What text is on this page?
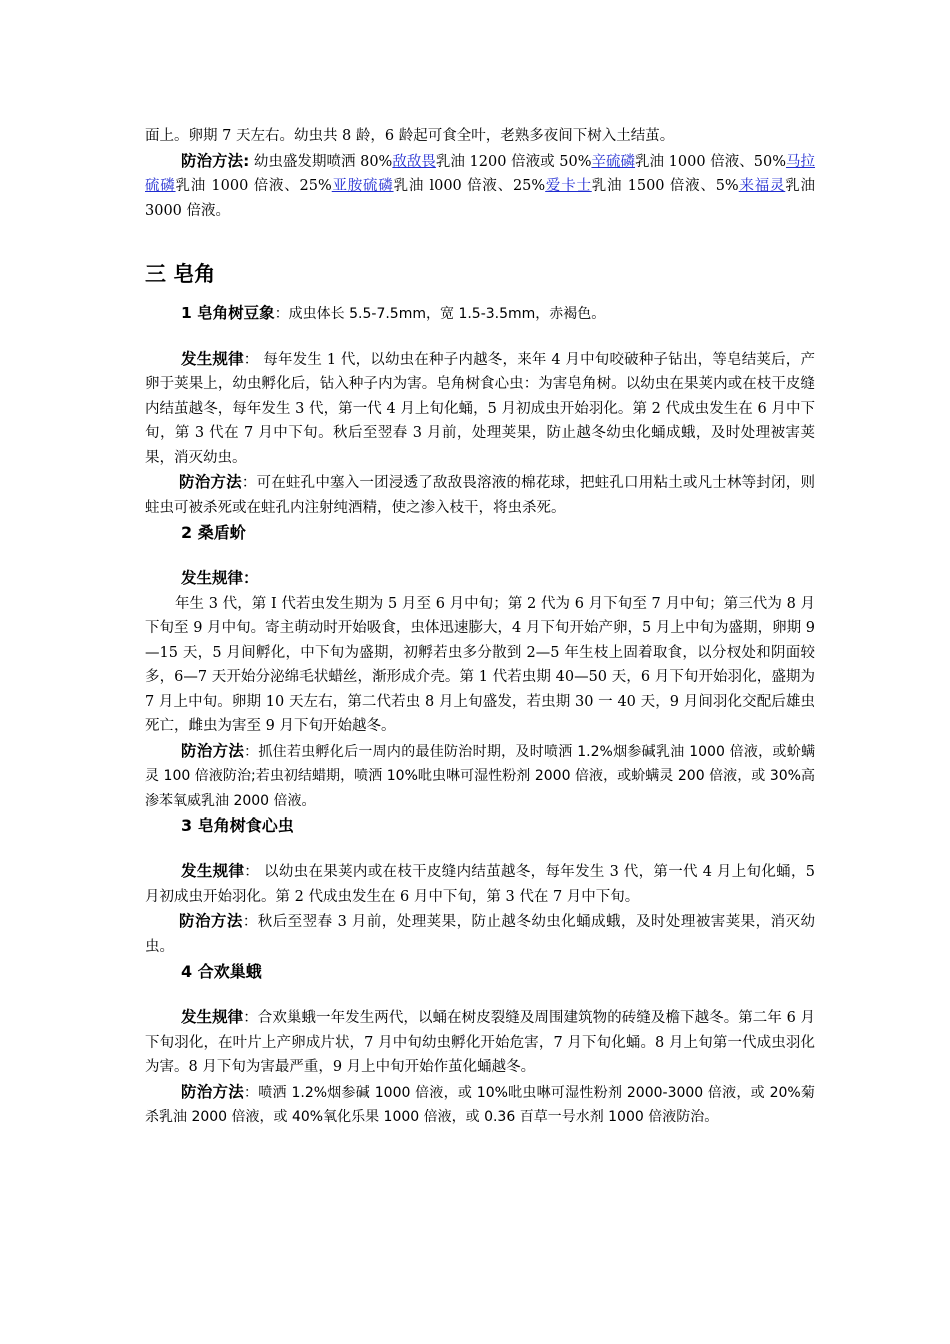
面上。卵期 7 天左右。幼虫共 8 龄，6 龄起可食全叶，老熟多夜间下树入土结茧。

防治方法: 幼虫盛发期喷洒 80%敌敌畏乳油 1200 倍液或 50%辛硫磷乳油 1000 倍液、50%马拉硫磷乳油 1000 倍液、25%亚胺硫磷乳油 l000 倍液、25%爱卡士乳油 1500 倍液、5%来福灵乳油 3000 倍液。

三 皂角

1 皂角树豆象：成虫体长 5.5-7.5mm，宽 1.5-3.5mm，赤褐色。

发生规律： 每年发生 1 代，以幼虫在种子内越冬，来年 4 月中旬咬破种子钻出，等皂结荚后，产卵于荚果上，幼虫孵化后，钻入种子内为害。皂角树食心虫：为害皂角树。以幼虫在果荚内或在枝干皮缝内结茧越冬，每年发生 3 代，第一代 4 月上旬化蛹，5 月初成虫开始羽化。第 2 代成虫发生在 6 月中下旬，第 3 代在 7 月中下旬。秋后至翌春 3 月前，处理荚果，防止越冬幼虫化蛹成蛾，及时处理被害荚果，消灭幼虫。

防治方法：可在蛀孔中塞入一团浸透了敌敌畏溶液的棉花球，把蛀孔口用粘土或凡士林等封闭，则蛀虫可被杀死或在蛀孔内注射纯酒精，使之渗入枝干，将虫杀死。

2 桑盾蚧

发生规律：

年生 3 代，第 I 代若虫发生期为 5 月至 6 月中旬；第 2 代为 6 月下旬至 7 月中旬；第三代为 8 月下旬至 9 月中旬。寄主萌动时开始吸食，虫体迅速膨大，4 月下旬开始产卵，5 月上中旬为盛期，卵期 9—15 天，5 月间孵化，中下旬为盛期，初孵若虫多分散到 2—5 年生枝上固着取食，以分杈处和阴面较多，6—7 天开始分泌绵毛状蜡丝，渐形成介壳。第 1 代若虫期 40—50 天，6 月下旬开始羽化，盛期为 7 月上中旬。卵期 10 天左右，第二代若虫 8 月上旬盛发，若虫期 30 一 40 天，9 月间羽化交配后雄虫死亡，雌虫为害至 9 月下旬开始越冬。

防治方法：抓住若虫孵化后一周内的最佳防治时期，及时喷洒 1.2%烟参碱乳油 1000 倍液，或蚧螨灵 100 倍液防治;若虫初结蜡期，喷洒 10%吡虫啉可湿性粉剂 2000 倍液，或蚧螨灵 200 倍液，或 30%高渗苯氧威乳油 2000 倍液。

3 皂角树食心虫

发生规律： 以幼虫在果荚内或在枝干皮缝内结茧越冬，每年发生 3 代，第一代 4 月上旬化蛹，5 月初成虫开始羽化。第 2 代成虫发生在 6 月中下旬，第 3 代在 7 月中下旬。

防治方法：秋后至翌春 3 月前，处理荚果，防止越冬幼虫化蛹成蛾，及时处理被害荚果，消灭幼虫。

4 合欢巢蛾

发生规律：合欢巢蛾一年发生两代，以蛹在树皮裂缝及周围建筑物的砖缝及檐下越冬。第二年 6 月下旬羽化，在叶片上产卵成片状，7 月中旬幼虫孵化开始危害，7 月下旬化蛹。8 月上旬第一代成虫羽化为害。8 月下旬为害最严重，9 月上中旬开始作茧化蛹越冬。

防治方法：喷洒 1.2%烟参碱 1000 倍液，或 10%吡虫啉可湿性粉剂 2000-3000 倍液，或 20%菊杀乳油 2000 倍液，或 40%氧化乐果 1000 倍液，或 0.36 百草一号水剂 1000 倍液防治。
